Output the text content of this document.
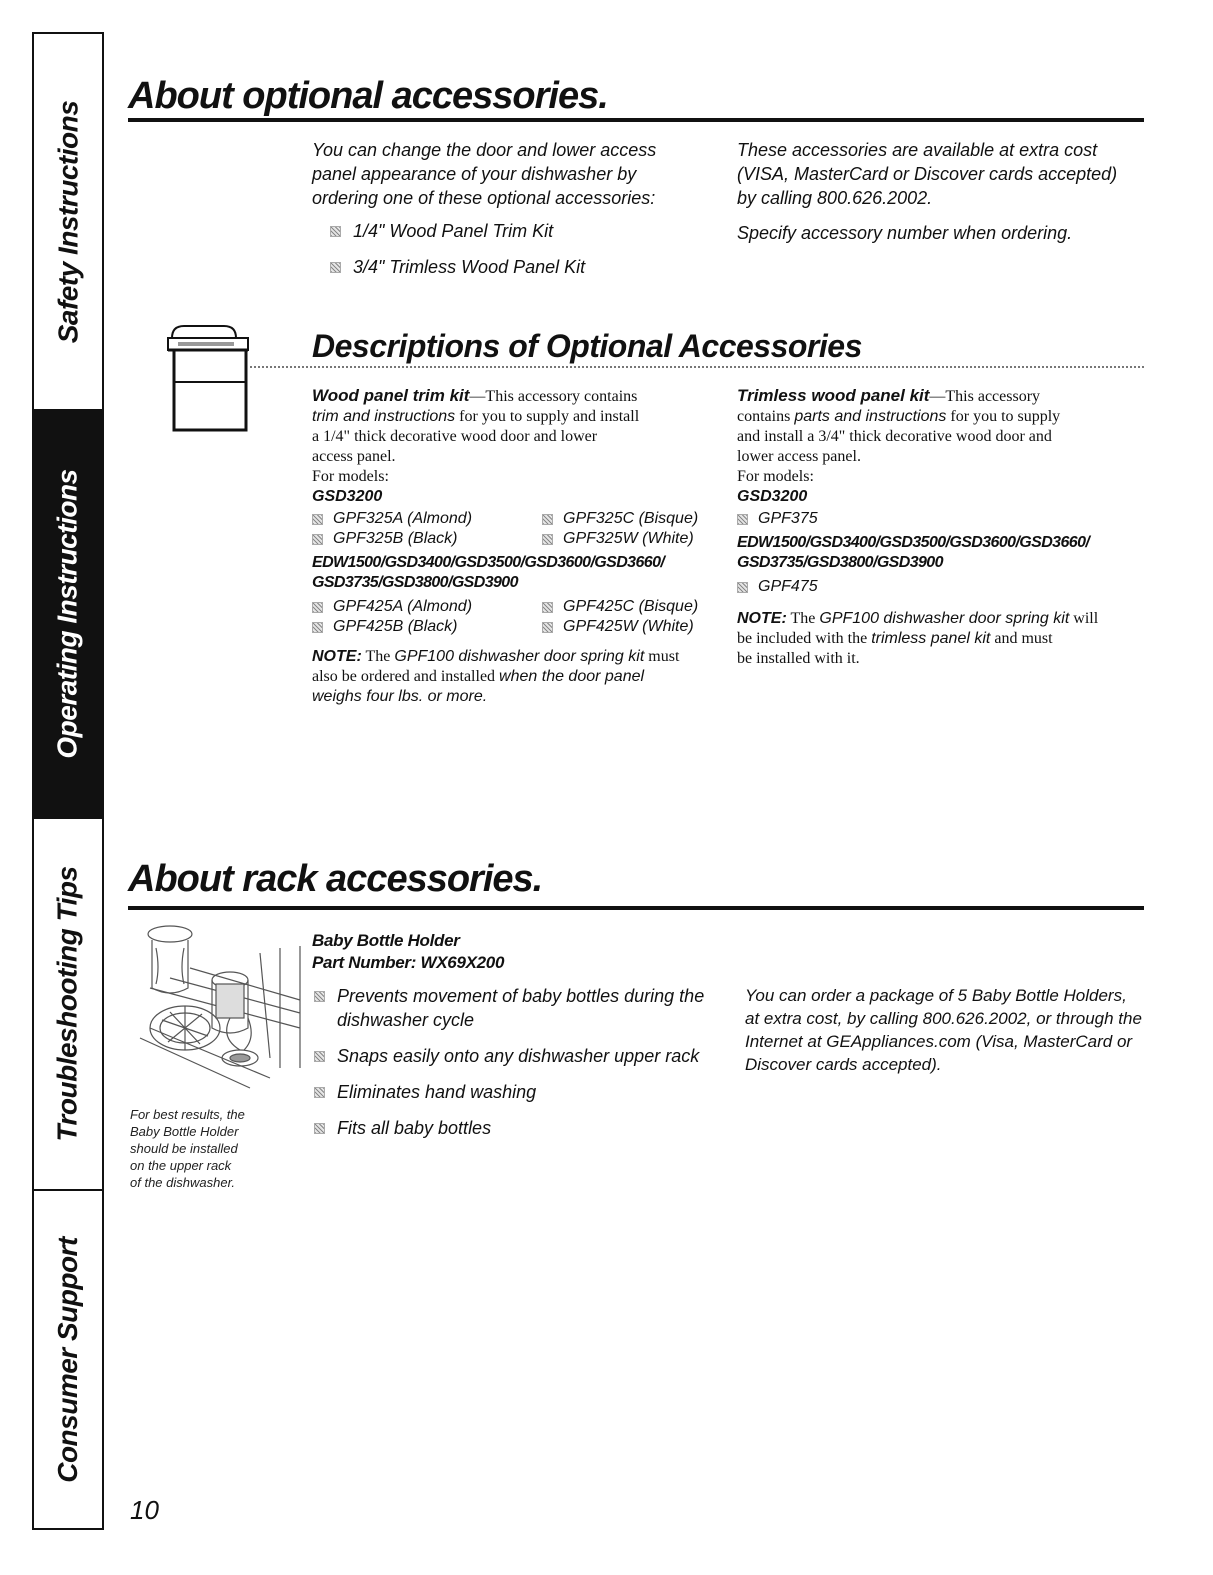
Safety Instructions
Operating Instructions
Troubleshooting Tips
Consumer Support
About optional accessories.
You can change the door and lower access
panel appearance of your dishwasher by
ordering one of these optional accessories:
1/4" Wood Panel Trim Kit
3/4" Trimless Wood Panel Kit
These accessories are available at extra cost
(VISA, MasterCard or Discover cards accepted)
by calling 800.626.2002.
Specify accessory number when ordering.
Descriptions of Optional Accessories
Wood panel trim kit—This accessory contains
trim and instructions for you to supply and install
a 1/4" thick decorative wood door and lower
access panel.
For models:
GSD3200
GPF325A (Almond)	GPF325C (Bisque)
GPF325B (Black)	GPF325W (White)
EDW1500/GSD3400/GSD3500/GSD3600/GSD3660/
GSD3735/GSD3800/GSD3900
GPF425A (Almond)	GPF425C (Bisque)
GPF425B (Black)	GPF425W (White)
NOTE: The GPF100 dishwasher door spring kit must
also be ordered and installed when the door panel
weighs four lbs. or more.
Trimless wood panel kit—This accessory
contains parts and instructions for you to supply
and install a 3/4" thick decorative wood door and
lower access panel.
For models:
GSD3200
GPF375
EDW1500/GSD3400/GSD3500/GSD3600/GSD3660/
GSD3735/GSD3800/GSD3900
GPF475
NOTE: The GPF100 dishwasher door spring kit will
be included with the trimless panel kit and must
be installed with it.
About rack accessories.
For best results, the
Baby Bottle Holder
should be installed
on the upper rack
of the dishwasher.
Baby Bottle Holder
Part Number: WX69X200
Prevents movement of baby bottles during the
dishwasher cycle
Snaps easily onto any dishwasher upper rack
Eliminates hand washing
Fits all baby bottles
You can order a package of 5 Baby Bottle Holders,
at extra cost, by calling 800.626.2002, or through the
Internet at GEAppliances.com (Visa, MasterCard or
Discover cards accepted).
10
